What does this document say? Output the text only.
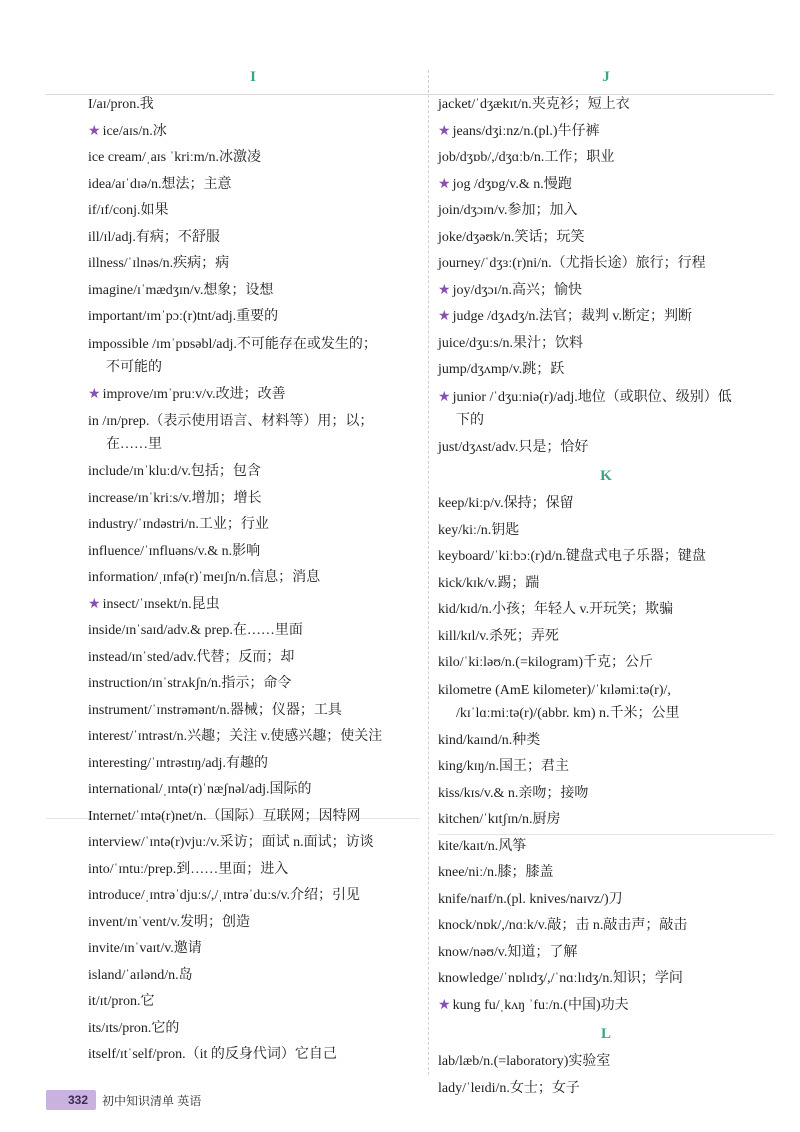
I
I/aɪ/pron.我
★ ice/aɪs/n.冰
ice cream/ˌaɪs ˈkriːm/n.冰激凌
idea/aɪˈdɪə/n.想法；主意
if/ɪf/conj.如果
ill/ɪl/adj.有病；不舒服
illness/ˈɪlnəs/n.疾病；病
imagine/ɪˈmædʒɪn/v.想象；设想
important/ɪmˈpɔː(r)tnt/adj.重要的
impossible /ɪmˈpɒsəbl/adj.不可能存在或发生的；
不可能的
★ improve/ɪmˈpruːv/v.改进；改善
in /ɪn/prep.（表示使用语言、材料等）用；以；
在……里
include/ɪnˈkluːd/v.包括；包含
increase/ɪnˈkriːs/v.增加；增长
industry/ˈɪndəstri/n.工业；行业
influence/ˈɪnfluəns/v.& n.影响
information/ˌɪnfə(r)ˈmeɪʃn/n.信息；消息
★ insect/ˈɪnsekt/n.昆虫
inside/ɪnˈsaɪd/adv.& prep.在……里面
instead/ɪnˈsted/adv.代替；反而；却
instruction/ɪnˈstrʌkʃn/n.指示；命令
instrument/ˈɪnstrəmənt/n.器械；仪器；工具
interest/ˈɪntrəst/n.兴趣；关注 v.使感兴趣；使关注
interesting/ˈɪntrəstɪŋ/adj.有趣的
international/ˌɪntə(r)ˈnæʃnəl/adj.国际的
Internet/ˈɪntə(r)net/n.（国际）互联网；因特网
interview/ˈɪntə(r)vjuː/v.采访；面试 n.面试；访谈
into/ˈɪntuː/prep.到……里面；进入
introduce/ˌɪntrəˈdjuːs/,/ˌɪntrəˈduːs/v.介绍；引见
invent/ɪnˈvent/v.发明；创造
invite/ɪnˈvaɪt/v.邀请
island/ˈaɪlənd/n.岛
it/ɪt/pron.它
its/ɪts/pron.它的
itself/ɪtˈself/pron.（it 的反身代词）它自己
J
jacket/ˈdʒækɪt/n.夹克衫；短上衣
★ jeans/dʒiːnz/n.(pl.)牛仔裤
job/dʒɒb/,/dʒɑːb/n.工作；职业
★ jog /dʒɒg/v.& n.慢跑
join/dʒɔɪn/v.参加；加入
joke/dʒəʊk/n.笑话；玩笑
journey/ˈdʒɜː(r)ni/n.（尤指长途）旅行；行程
★ joy/dʒɔɪ/n.高兴；愉快
★ judge /dʒʌdʒ/n.法官；裁判 v.断定；判断
juice/dʒuːs/n.果汁；饮料
jump/dʒʌmp/v.跳；跃
★ junior /ˈdʒuːniə(r)/adj.地位（或职位、级别）低
下的
just/dʒʌst/adv.只是；恰好
K
keep/kiːp/v.保持；保留
key/kiː/n.钥匙
keyboard/ˈkiːbɔː(r)d/n.键盘式电子乐器；键盘
kick/kɪk/v.踢；踹
kid/kɪd/n.小孩；年轻人 v.开玩笑；欺骗
kill/kɪl/v.杀死；弄死
kilo/ˈkiːləʊ/n.(=kilogram)千克；公斤
kilometre (AmE kilometer)/ˈkɪləmiːtə(r)/,
/kɪˈlɑːmiːtə(r)/(abbr. km) n.千米；公里
kind/kaɪnd/n.种类
king/kɪŋ/n.国王；君主
kiss/kɪs/v.& n.亲吻；接吻
kitchen/ˈkɪtʃɪn/n.厨房
kite/kaɪt/n.风筝
knee/niː/n.膝；膝盖
knife/naɪf/n.(pl. knives/naɪvz/)刀
knock/nɒk/,/nɑːk/v.敲；击 n.敲击声；敲击
know/nəʊ/v.知道；了解
knowledge/ˈnɒlɪdʒ/,/ˈnɑːlɪdʒ/n.知识；学问
★ kung fu/ˌkʌŋ ˈfuː/n.(中国)功夫
L
lab/læb/n.(=laboratory)实验室
lady/ˈleɪdi/n.女士；女子
332	初中知识清单 英语
